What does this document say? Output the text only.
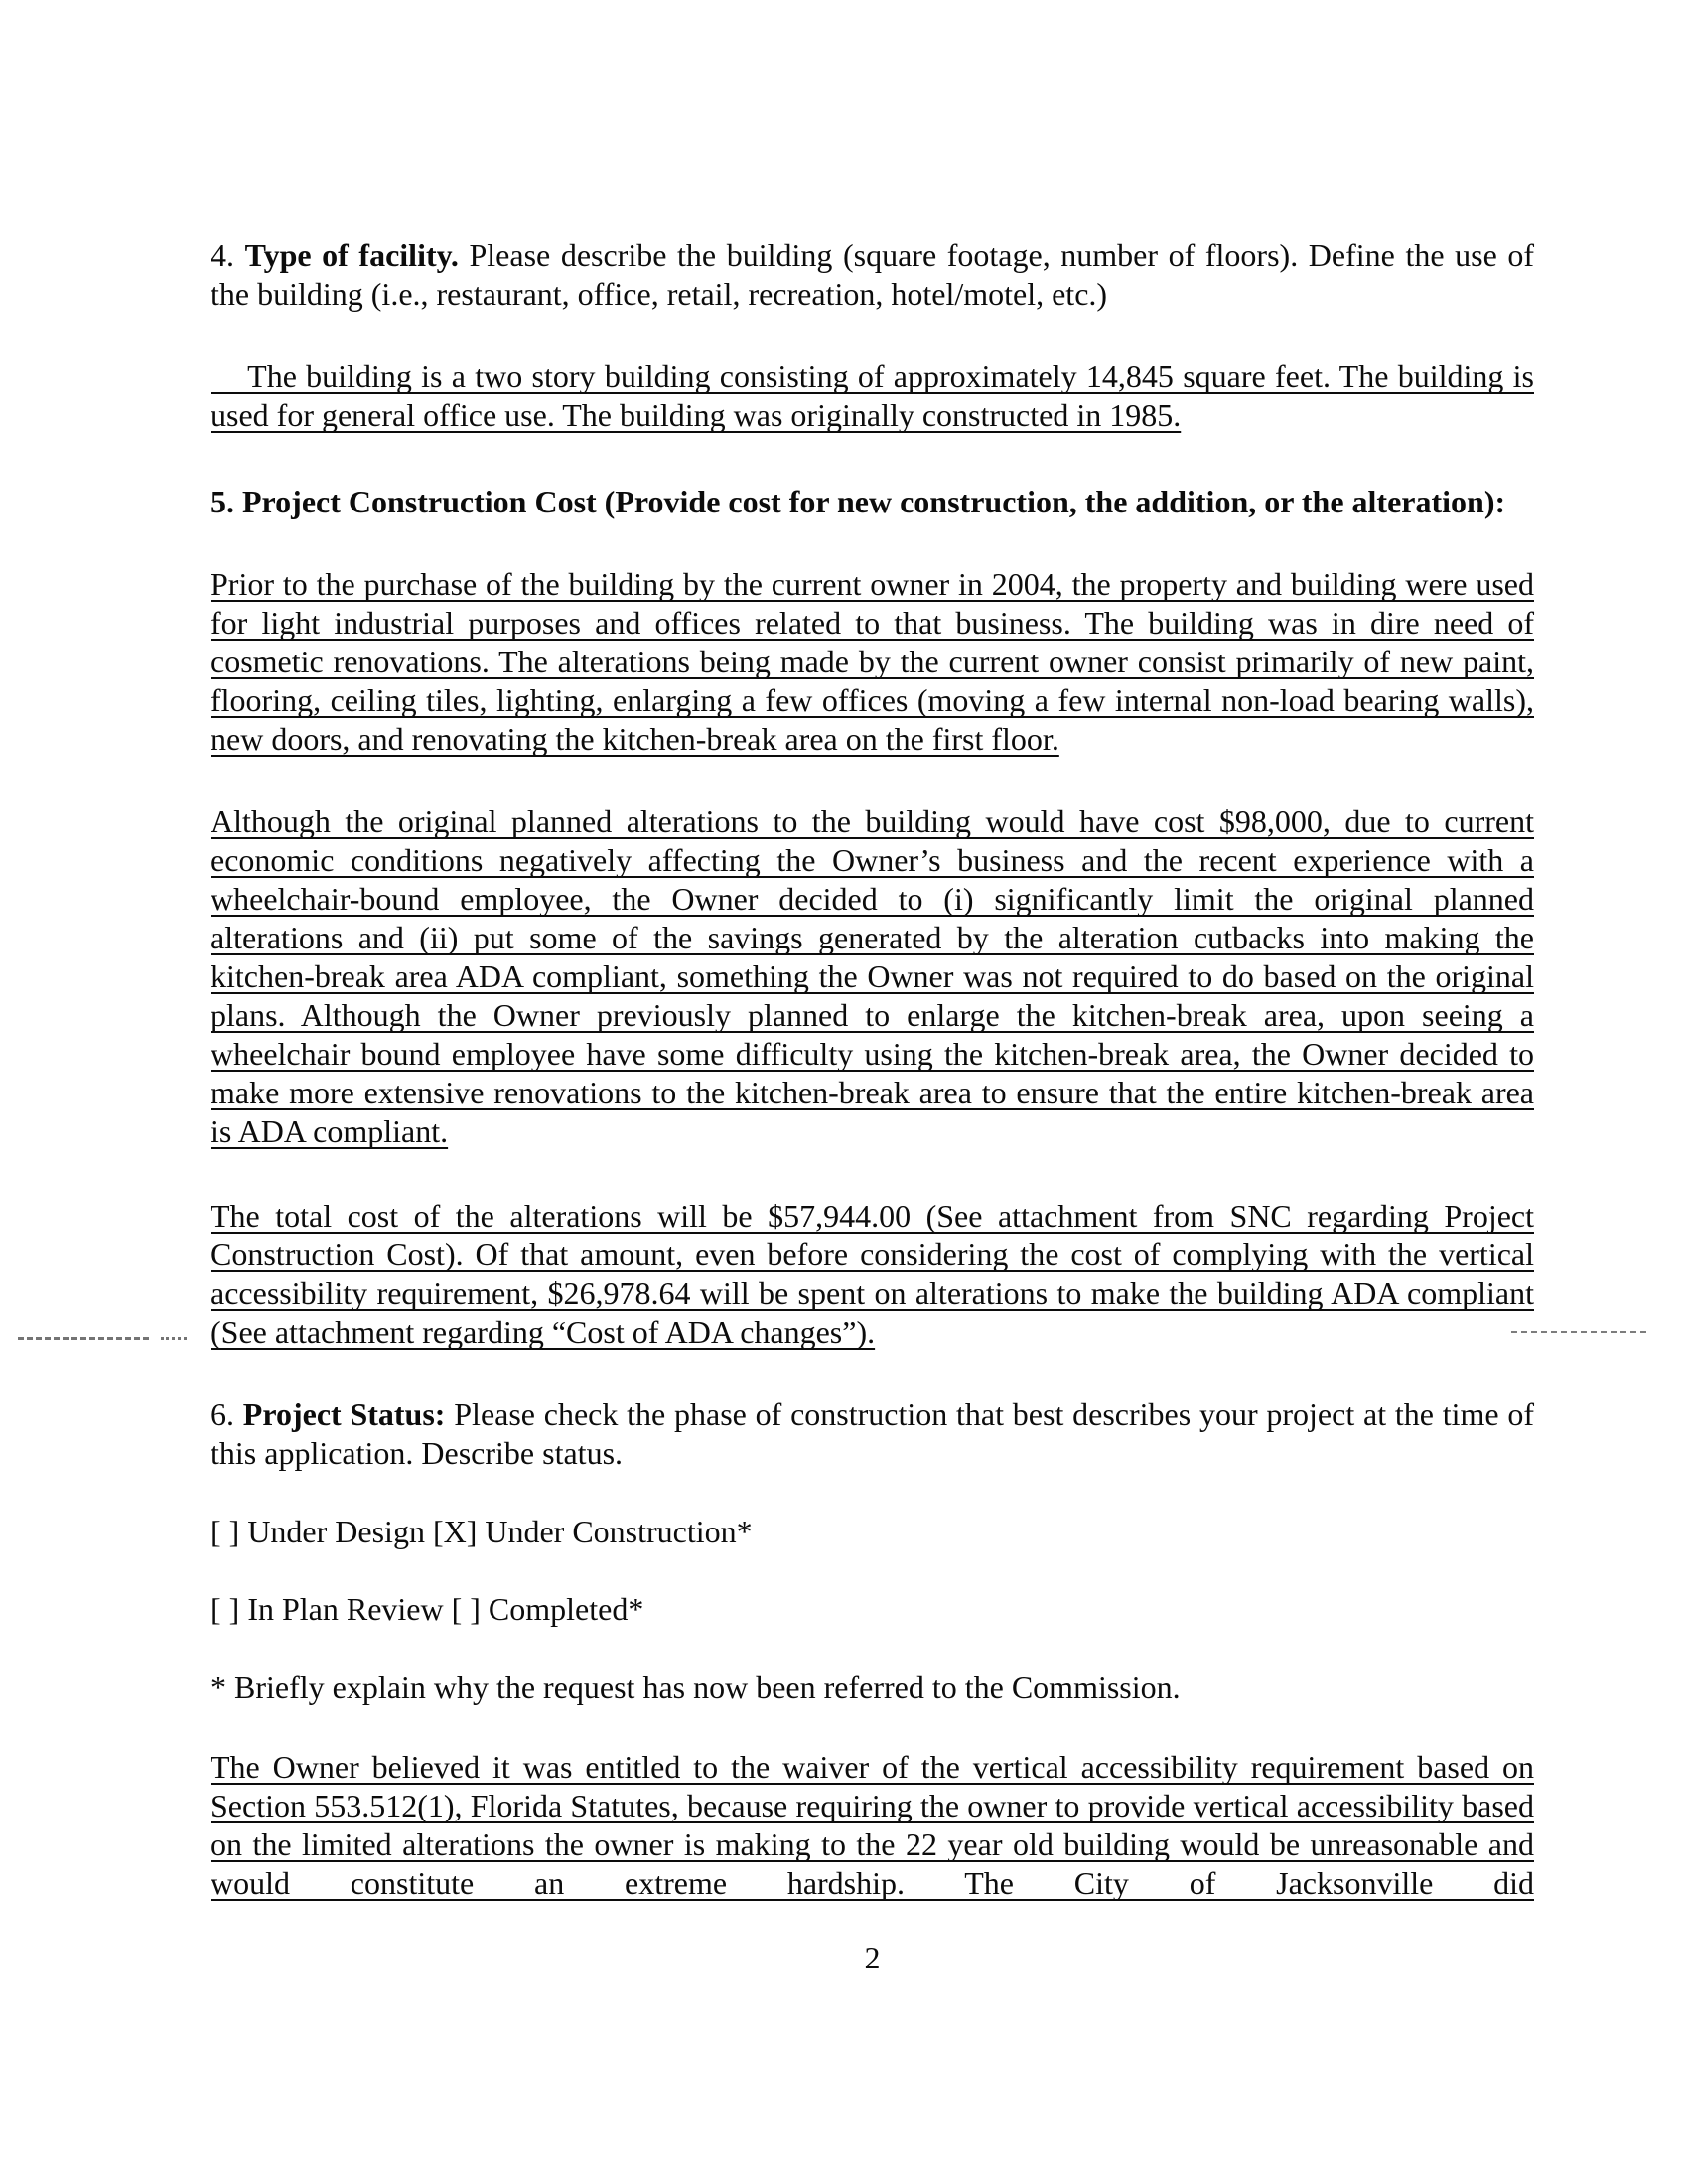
4. Type of facility. Please describe the building (square footage, number of floors). Define the use of the building (i.e., restaurant, office, retail, recreation, hotel/motel, etc.)

The building is a two story building consisting of approximately 14,845 square feet. The building is used for general office use. The building was originally constructed in 1985.

5. Project Construction Cost (Provide cost for new construction, the addition, or the alteration):

Prior to the purchase of the building by the current owner in 2004, the property and building were used for light industrial purposes and offices related to that business. The building was in dire need of cosmetic renovations. The alterations being made by the current owner consist primarily of new paint, flooring, ceiling tiles, lighting, enlarging a few offices (moving a few internal non-load bearing walls), new doors, and renovating the kitchen-break area on the first floor.

Although the original planned alterations to the building would have cost $98,000, due to current economic conditions negatively affecting the Owner’s business and the recent experience with a wheelchair-bound employee, the Owner decided to (i) significantly limit the original planned alterations and (ii) put some of the savings generated by the alteration cutbacks into making the kitchen-break area ADA compliant, something the Owner was not required to do based on the original plans. Although the Owner previously planned to enlarge the kitchen-break area, upon seeing a wheelchair bound employee have some difficulty using the kitchen-break area, the Owner decided to make more extensive renovations to the kitchen-break area to ensure that the entire kitchen-break area is ADA compliant.

The total cost of the alterations will be $57,944.00 (See attachment from SNC regarding Project Construction Cost). Of that amount, even before considering the cost of complying with the vertical accessibility requirement, $26,978.64 will be spent on alterations to make the building ADA compliant (See attachment regarding “Cost of ADA changes”).

6. Project Status: Please check the phase of construction that best describes your project at the time of this application. Describe status.

[ ] Under Design [X] Under Construction*

[ ] In Plan Review [ ] Completed*

* Briefly explain why the request has now been referred to the Commission.

The Owner believed it was entitled to the waiver of the vertical accessibility requirement based on Section 553.512(1), Florida Statutes, because requiring the owner to provide vertical accessibility based on the limited alterations the owner is making to the 22 year old building would be unreasonable and would constitute an extreme hardship. The City of Jacksonville did

2
